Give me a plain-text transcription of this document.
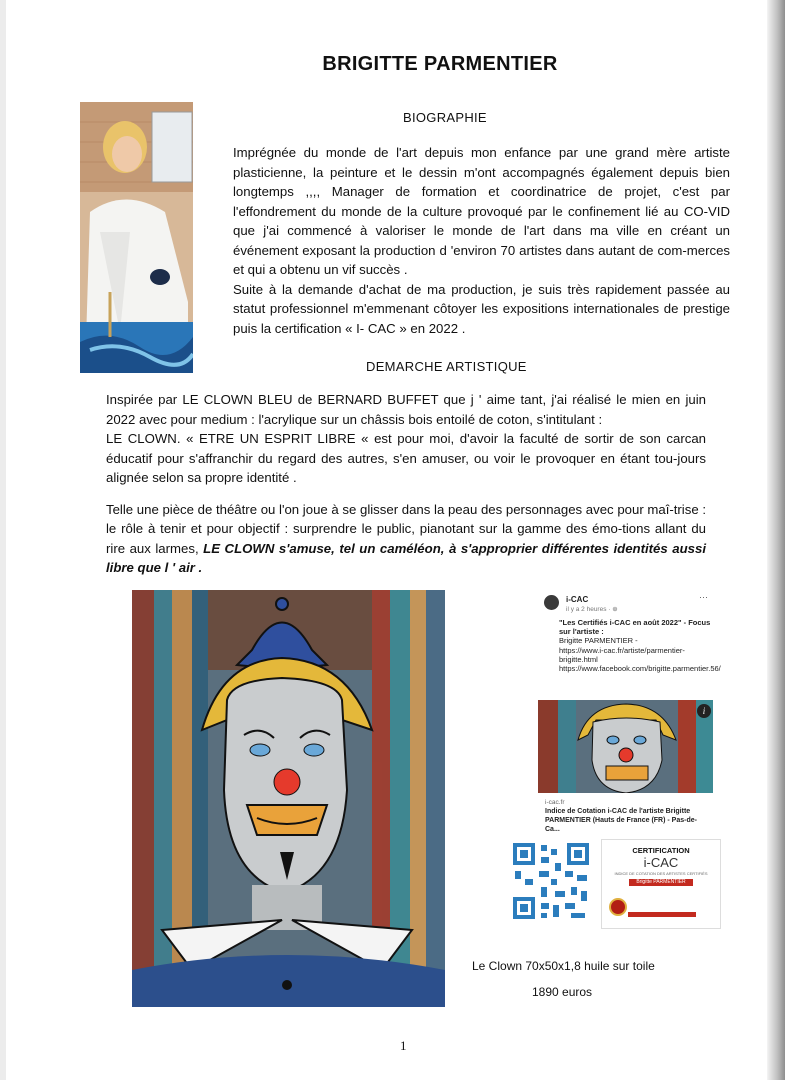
BRIGITTE PARMENTIER
BIOGRAPHIE

Imprégnée du monde de l'art depuis mon enfance par une grand mère artiste plasticienne, la peinture et le dessin m'ont accompagnés également depuis bien longtemps ,,,, Manager de formation et coordinatrice de projet, c'est par l'effondrement du monde de la culture provoqué par le confinement lié au CO-VID que j'ai commencé à valoriser le monde de l'art dans ma ville en créant un événement exposant la production d 'environ 70 artistes dans autant de com-merces et qui a obtenu un vif succès .

Suite à la demande d'achat de ma production, je suis très rapidement passée au statut professionnel m'emmenant côtoyer les expositions internationales de prestige puis la certification « I- CAC » en 2022 .

DEMARCHE ARTISTIQUE

Inspirée par LE CLOWN BLEU de BERNARD BUFFET que j ' aime tant, j'ai réalisé le mien en juin 2022 avec pour medium : l'acrylique sur un châssis bois entoilé de coton, s'intitulant :
LE CLOWN. « ETRE UN ESPRIT LIBRE « est pour moi, d'avoir la faculté de sortir de son carcan éducatif pour s'affranchir du regard des autres, s'en amuser, ou voir le provoquer en étant tou-jours alignée selon sa propre identité .

Telle une pièce de théâtre ou l'on joue à se glisser dans la peau des personnages avec pour maî-trise : le rôle à tenir et pour objectif : surprendre le public, pianotant sur la gamme des émo-tions allant du rire aux larmes, LE CLOWN s'amuse, tel un caméléon, à s'approprier différentes identités aussi libre que l ' air .

i-CAC
il y a 2 heures · ⊕
···
"Les Certifiés i-CAC en août 2022" - Focus sur l'artiste :
Brigitte PARMENTIER -
https://www.i-cac.fr/artiste/parmentier-brigitte.html
https://www.facebook.com/brigitte.parmentier.56/
i
i-cac.fr
Indice de Cotation i-CAC de l'artiste Brigitte PARMENTIER (Hauts de France (FR) - Pas-de-Ca...
CERTIFICATION
i-CAC
INDICE DE COTATION DES ARTISTES CERTIFIÉS
Brigitte PARMENTIER
Le Clown 70x50x1,8 huile sur toile
1890 euros
1
